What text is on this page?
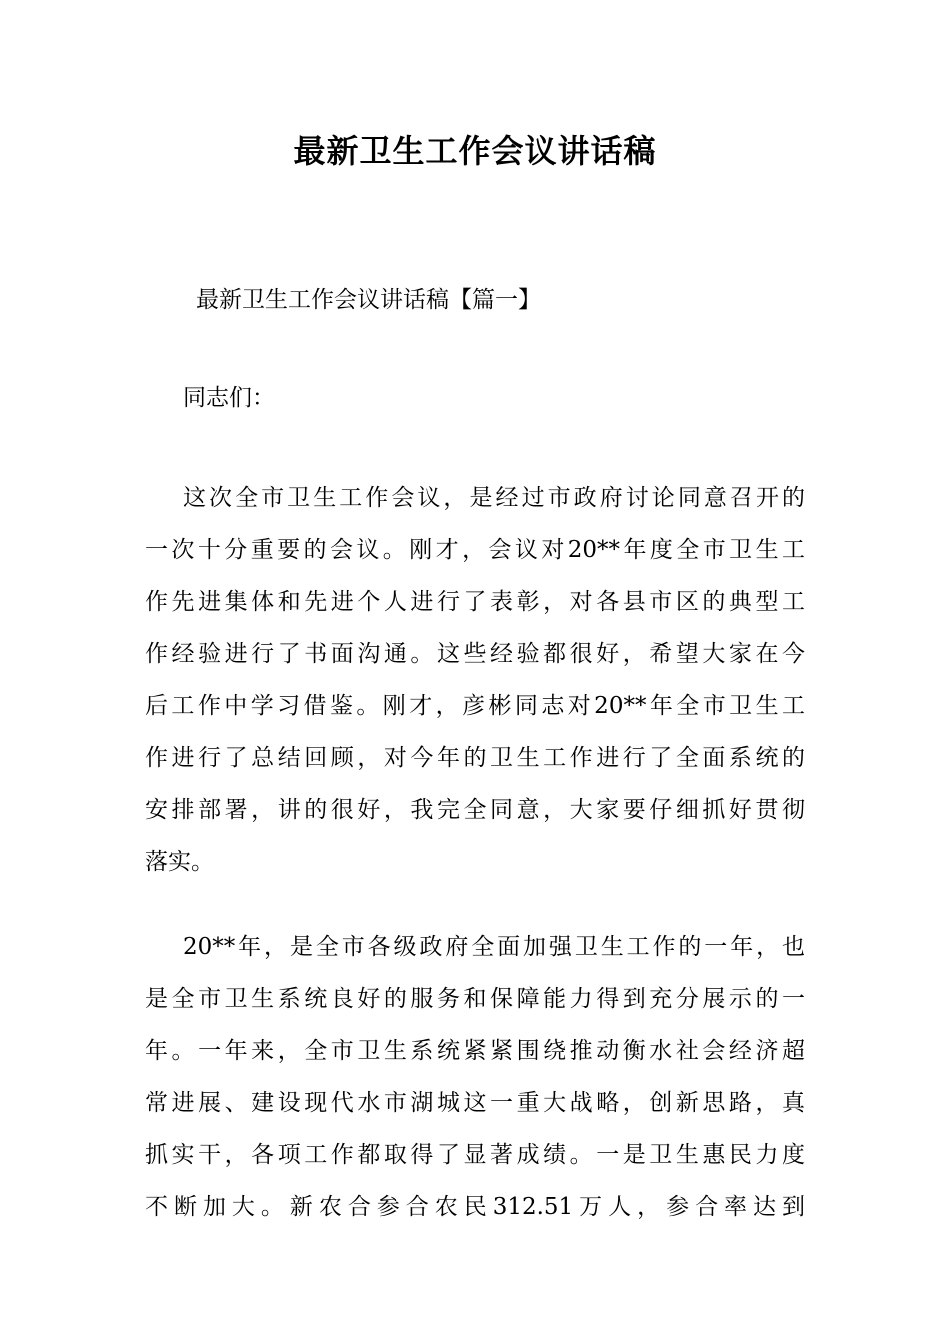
最新卫生工作会议讲话稿

最新卫生工作会议讲话稿【篇一】

同志们：

这次全市卫生工作会议，是经过市政府讨论同意召开的
一次十分重要的会议。刚才，会议对20**年度全市卫生工
作先进集体和先进个人进行了表彰，对各县市区的典型工
作经验进行了书面沟通。这些经验都很好，希望大家在今
后工作中学习借鉴。刚才，彦彬同志对20**年全市卫生工
作进行了总结回顾，对今年的卫生工作进行了全面系统的
安排部署，讲的很好，我完全同意，大家要仔细抓好贯彻
落实。
20**年，是全市各级政府全面加强卫生工作的一年，也
是全市卫生系统良好的服务和保障能力得到充分展示的一
年。一年来，全市卫生系统紧紧围绕推动衡水社会经济超
常进展、建设现代水市湖城这一重大战略，创新思路，真
抓实干，各项工作都取得了显著成绩。一是卫生惠民力度
不断加大。新农合参合农民312.51万人，参合率达到
